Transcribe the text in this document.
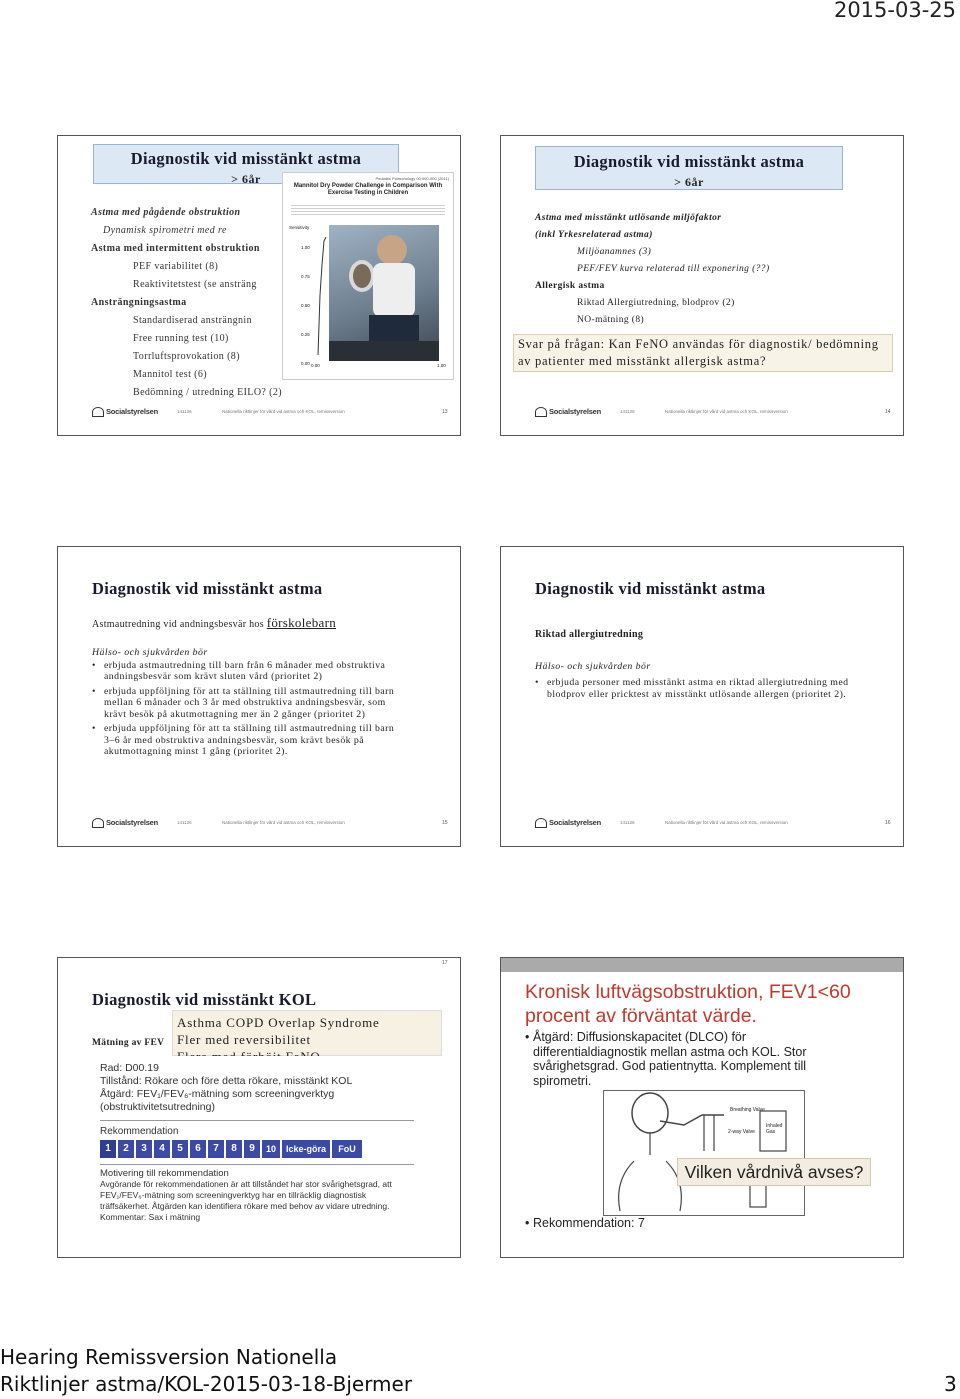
2015-03-25
Diagnostik vid misstänkt astma
> 6år
Astma med pågående obstruktion
Dynamisk spirometri med re
Astma med intermittent obstruktion
PEF variabilitet (8)
Reaktivitetstest (se ansträng
Ansträngningsastma
Standardiserad ansträngnin
Free running test (10)
Torrluftsprovokation (8)
Mannitol test (6)
Bedömning / utredning EILO? (2)
Pediatric Pulmonology 00:000-000 (2011)
Mannitol Dry Powder Challenge in Comparison With Exercise Testing in Children
Sensitivity
1.00
0.75
0.50
0.25
0.00 0.00	1.00
Socialstyrelsen	141126	Nationella riktlinjer för vård vid astma och KOL, remissversion	13
Diagnostik vid misstänkt astma
> 6år
Astma med misstänkt utlösande miljöfaktor
(inkl Yrkesrelaterad astma)
Miljöanamnes (3)
PEF/FEV kurva relaterad till exponering (??)
Allergisk astma
Riktad Allergiutredning, blodprov (2)
NO-mätning (8)
Svar på frågan: Kan FeNO användas för diagnostik/ bedömning av patienter med misstänkt allergisk astma?
Socialstyrelsen	141126	Nationella riktlinjer för vård vid astma och KOL, remissversion	14
Diagnostik vid misstänkt astma
Astmautredning vid andningsbesvär hos förskolebarn
Hälso- och sjukvården bör
• erbjuda astmautredning till barn från 6 månader med obstruktiva andningsbesvär som krävt sluten vård (prioritet 2)
• erbjuda uppföljning för att ta ställning till astmautredning till barn mellan 6 månader och 3 år med obstruktiva andningsbesvär, som krävt besök på akutmottagning mer än 2 gånger (prioritet 2)
• erbjuda uppföljning för att ta ställning till astmautredning till barn 3–6 år med obstruktiva andningsbesvär, som krävt besök på akutmottagning minst 1 gång (prioritet 2).
Socialstyrelsen	141126	Nationella riktlinjer för vård vid astma och KOL, remissversion	15
Diagnostik vid misstänkt astma
Riktad allergiutredning
Hälso- och sjukvården bör
• erbjuda personer med misstänkt astma en riktad allergiutredning med blodprov eller pricktest av misstänkt utlösande allergen (prioritet 2).
Socialstyrelsen	141126	Nationella riktlinjer för vård vid astma och KOL, remissversion	16
Diagnostik vid misstänkt KOL
Mätning av FEV
Asthma COPD Overlap Syndrome
Fler med reversibilitet
Rad: D00.19
Tillstånd: Rökare och före detta rökare, misstänkt KOL
Åtgärd: FEV₁/FEV₆-mätning som screeningverktyg (obstruktivitetsutredning)
Rekommendation
1	2	3	4	5	6	7	8	9	10	Icke-göra	FoU
Motivering till rekommendation
Avgörande för rekommendationen är att tillståndet har stor svårighetsgrad, att FEV₁/FEV₆-mätning som screeningverktyg har en tillräcklig diagnostisk träffsäkerhet. Åtgärden kan identifiera rökare med behov av vidare utredning.
Kommentar: Sax i mätning
17
Kronisk luftvägsobstruktion, FEV1<60 procent av förväntat värde.
• Åtgärd: Diffusionskapacitet (DLCO) för differentialdiagnostik mellan astma och KOL. Stor svårighetsgrad. God patientnytta. Komplement till spirometri.
Breathing Valve
2-way Valve
Inhaled Gas
Vilken vårdnivå avses?
• Rekommendation: 7
Hearing Remissversion Nationella
Riktlinjer astma/KOL-2015-03-18-Bjermer	3
